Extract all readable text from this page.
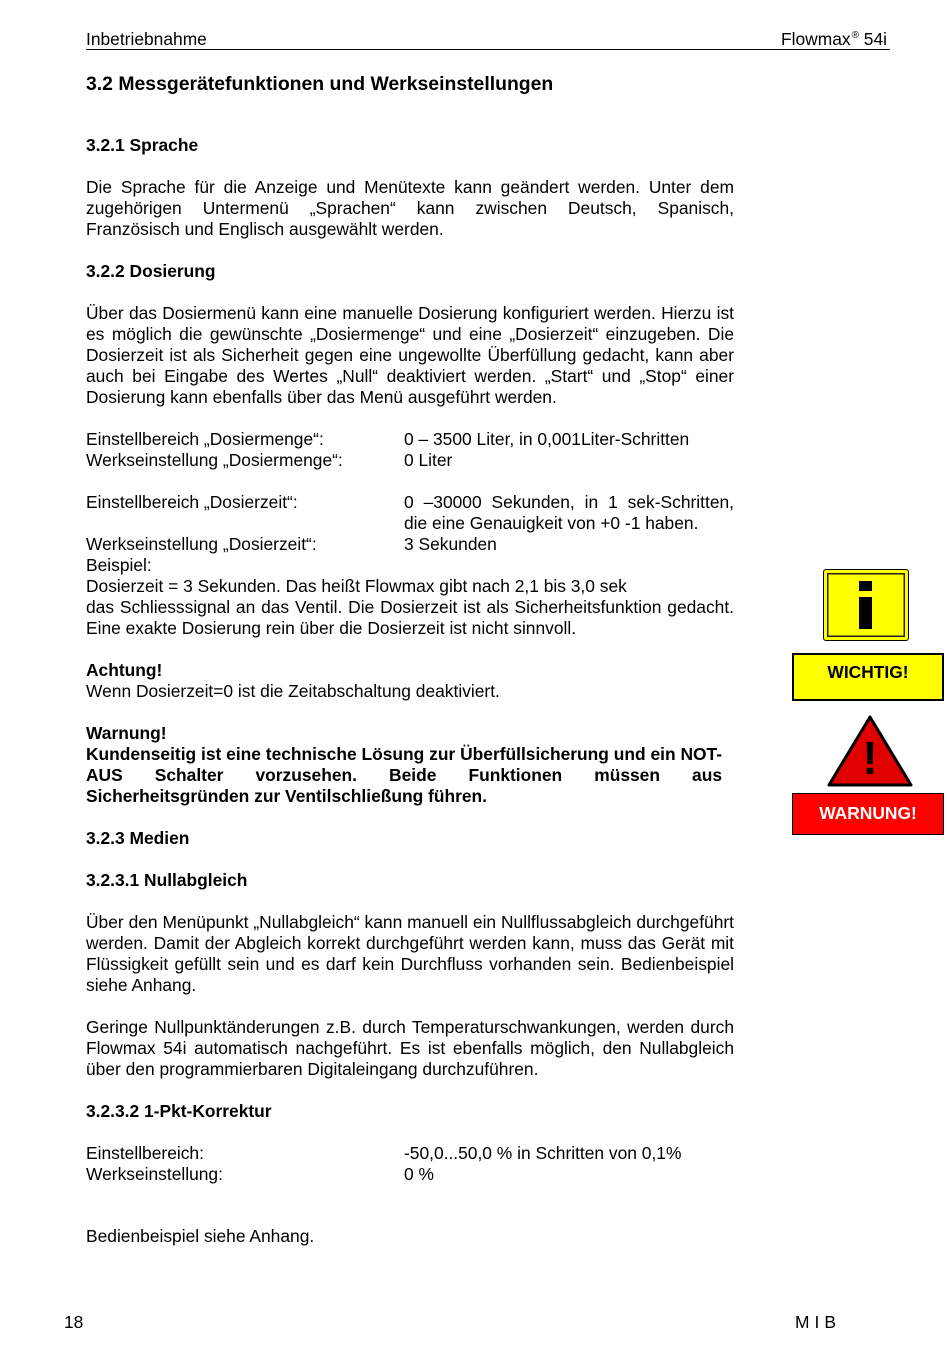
Inbetriebnahme	Flowmax® 54i

3.2 Messgerätefunktionen und Werkseinstellungen

3.2.1 Sprache

Die Sprache für die Anzeige und Menütexte kann geändert werden. Unter dem zugehörigen Untermenü „Sprachen“ kann zwischen Deutsch, Spanisch, Französisch und Englisch ausgewählt werden.

3.2.2 Dosierung

Über das Dosiermenü kann eine manuelle Dosierung konfiguriert werden. Hierzu ist es möglich die gewünschte „Dosiermenge“ und eine „Dosierzeit“ einzugeben. Die Dosierzeit ist als Sicherheit gegen eine ungewollte Überfüllung gedacht, kann aber auch bei Eingabe des Wertes „Null“ deaktiviert werden. „Start“ und „Stop“ einer Dosierung kann ebenfalls über das Menü ausgeführt werden.

Einstellbereich „Dosiermenge“:	0 – 3500 Liter, in 0,001Liter-Schritten
Werkseinstellung „Dosiermenge“:	0 Liter
Einstellbereich „Dosierzeit“:	0 –30000 Sekunden, in 1 sek-Schritten,
die eine Genauigkeit von +0 -1 haben.
Werkseinstellung „Dosierzeit“:	3 Sekunden

Beispiel:

Dosierzeit = 3 Sekunden. Das heißt Flowmax gibt nach 2,1 bis 3,0 sek

das Schliesssignal an das Ventil. Die Dosierzeit ist als Sicherheitsfunktion gedacht. Eine exakte Dosierung rein über die Dosierzeit ist nicht sinnvoll.

Achtung!

Wenn Dosierzeit=0 ist die Zeitabschaltung deaktiviert.

Warnung!

Kundenseitig ist eine technische Lösung zur Überfüllsicherung und ein NOT-AUS Schalter vorzusehen. Beide Funktionen müssen aus Sicherheitsgründen zur Ventilschließung führen.

3.2.3 Medien

3.2.3.1 Nullabgleich

Über den Menüpunkt „Nullabgleich“ kann manuell ein Nullflussabgleich durchgeführt werden. Damit der Abgleich korrekt durchgeführt werden kann, muss das Gerät mit Flüssigkeit gefüllt sein und es darf kein Durchfluss vorhanden sein. Bedienbeispiel siehe Anhang.

Geringe Nullpunktänderungen z.B. durch Temperaturschwankungen, werden durch Flowmax 54i automatisch nachgeführt. Es ist ebenfalls möglich, den Nullabgleich über den programmierbaren Digitaleingang durchzuführen.

3.2.3.2 1-Pkt-Korrektur

Einstellbereich:	-50,0...50,0 % in Schritten von 0,1%
Werkseinstellung:	0 %

Bedienbeispiel siehe Anhang.

i
WICHTIG!
!
WARNUNG!
18	MIB
